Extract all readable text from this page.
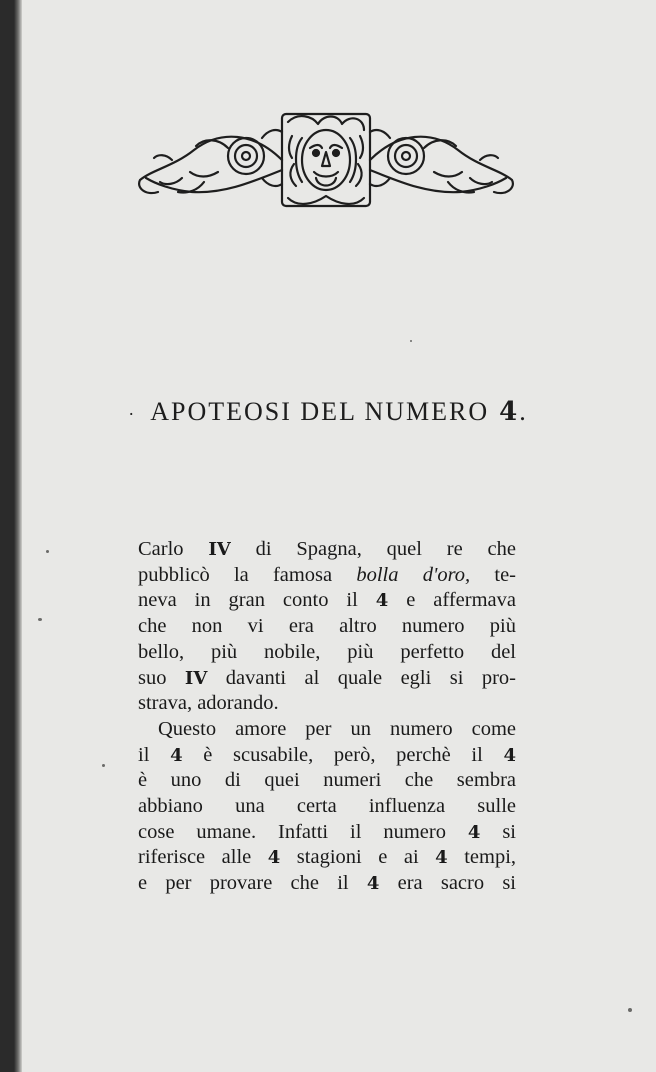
· APOTEOSI DEL NUMERO 4.

Carlo IV di Spagna, quel re che

pubblicò la famosa bolla d'oro, te-

neva in gran conto il 4 e affermava

che non vi era altro numero più

bello, più nobile, più perfetto del

suo IV davanti al quale egli si pro-

strava, adorando.

Questo amore per un numero come

il 4 è scusabile, però, perchè il 4

è uno di quei numeri che sembra

abbiano una certa influenza sulle

cose umane. Infatti il numero 4 si

riferisce alle 4 stagioni e ai 4 tempi,

e per provare che il 4 era sacro si
